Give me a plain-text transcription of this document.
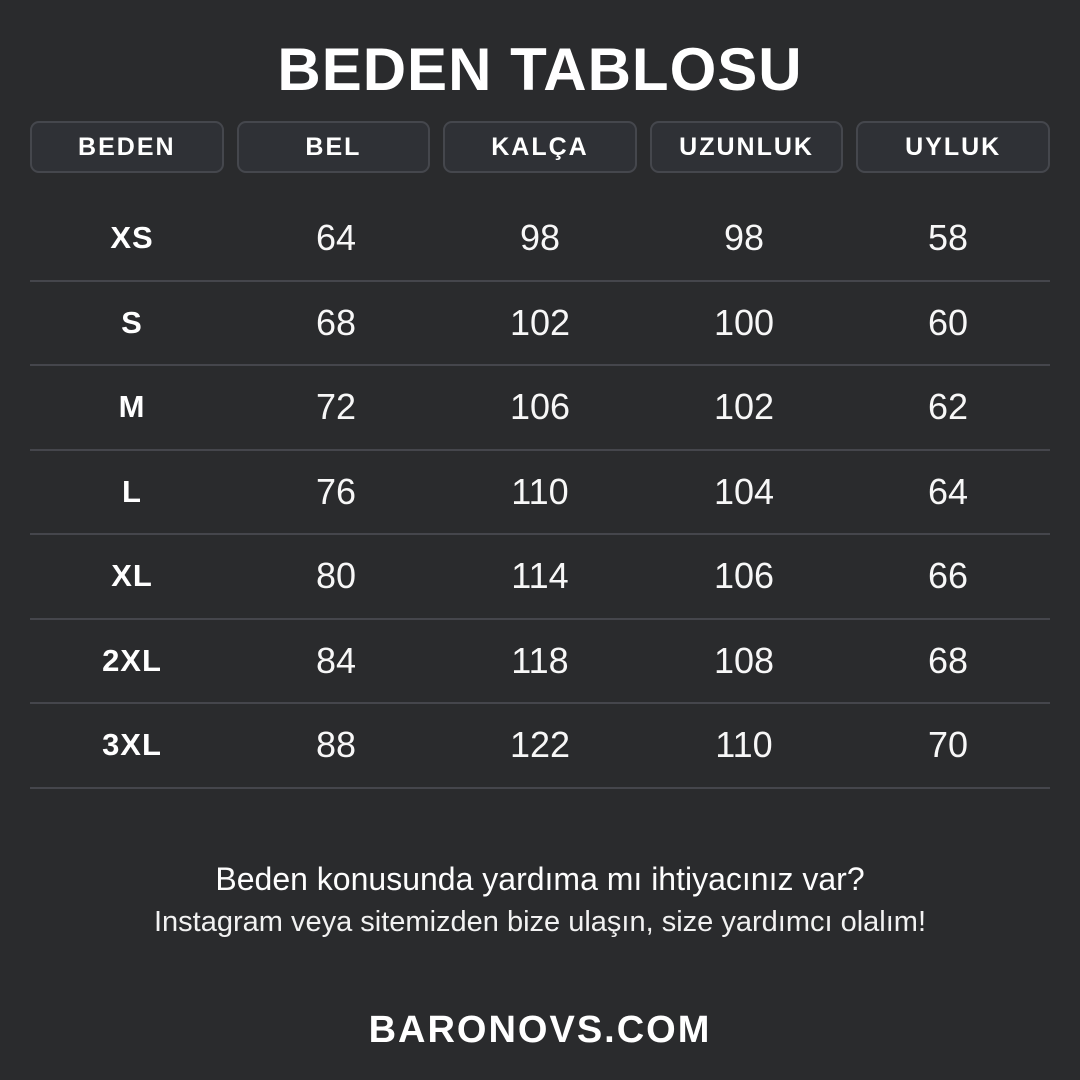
BEDEN TABLOSU
BEDEN	BEL	KALÇA	UZUNLUK	UYLUK
XS	64	98	98	58
S	68	102	100	60
M	72	106	102	62
L	76	110	104	64
XL	80	114	106	66
2XL	84	118	108	68
3XL	88	122	110	70
Beden konusunda yardıma mı ihtiyacınız var?
Instagram veya sitemizden bize ulaşın, size yardımcı olalım!
BARONOVS.COM
